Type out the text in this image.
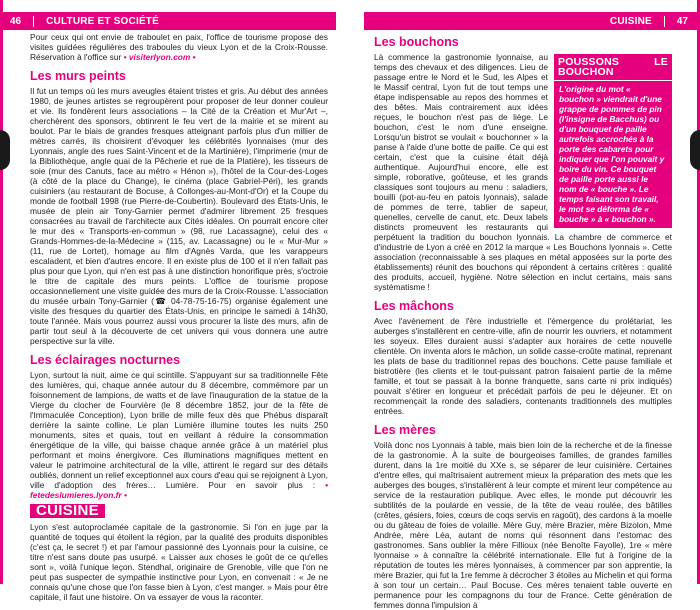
46	CULTURE ET SOCIÉTÉ

Pour ceux qui ont envie de traboulet en paix, l'office de tourisme propose des visites guidées régulières des traboules du vieux Lyon et de la Croix-Rousse. Réservation à l'office sur • visiterlyon.com •

Les murs peints

Il fut un temps où les murs aveugles étaient tristes et gris. Au début des années 1980, de jeunes artistes se regroupèrent pour proposer de leur donner couleur et vie. Ils fondèrent leurs associations – la Cité de la Création et Mur'Art –, cherchèrent des sponsors, obtinrent le feu vert de la mairie et se mirent au boulot. Par le biais de grandes fresques atteignant parfois plus d'un millier de mètres carrés, ils choisirent d'évoquer les célébrités lyonnaises (mur des Lyonnais, angle des rues Saint-Vincent et de la Martinière), l'imprimerie (mur de la Bibliothèque, angle quai de la Pêcherie et rue de la Platière), les tisseurs de soie (mur des Canuts, face au métro « Hénon »), l'hôtel de la Cour-des-Loges (à côté de la place du Change), le cinéma (place Gabriel-Péri), les grands cuisiniers (au restaurant de Bocuse, à Collonges-au-Mont-d'Or) et la Coupe du monde de football 1998 (rue Pierre-de-Coubertin). Boulevard des États-Unis, le musée de plein air Tony-Garnier permet d'admirer librement 25 fresques consacrées au travail de l'architecte aux Cités idéales. On pourrait encore citer le mur des « Transports-en-commun » (98, rue Lacassagne), celui des « Grands-Hommes-de-la-Médecine » (115, av. Lacassagne) ou le « Mur-Mur » (11, rue de Lortet), homage au film d'Agnès Varda, que les varappeurs escaladent, et bien d'autres encore. Il en existe plus de 100 et il n'en fallait pas plus pour que Lyon, qui n'en est pas à une distinction honorifique près, s'octroie le titre de capitale des murs peints. L'office de tourisme propose occasionnellement une visite guidée des murs de la Croix-Rousse. L'association du musée urbain Tony-Garnier (☎ 04-78-75-16-75) organise également une visite des fresques du quartier des États-Unis, en principe le samedi à 14h30, toute l'année. Mais vous pourrez aussi vous procurer la liste des murs, afin de partir tout seul à la découverte de cet univers qui vous donnera une autre perspective sur la ville.

Les éclairages nocturnes

Lyon, surtout la nuit, aime ce qui scintille. S'appuyant sur sa traditionnelle Fête des lumières, qui, chaque année autour du 8 décembre, commémore par un foisonnement de lampions, de watts et de lave l'inauguration de la statue de la Vierge du clocher de Fourvière (le 8 décembre 1852, jour de la fête de l'Immaculée Conception), Lyon brille de mille feux dès que Phébus disparaît derrière la sainte colline. Le plan Lumière illumine toutes les nuits 250 monuments, sites et quais, tout en veillant à réduire la consommation énergétique de la ville, qui baisse chaque année grâce à un matériel plus performant et moins énergivore. Ces illuminations magnifiques mettent en valeur le patrimoine architectural de la ville, attirent le regard sur des détails oubliés, donnent un relief exceptionnel aux cours d'eau qui se rejoignent à Lyon, ville d'adoption des frères… Lumière. Pour en savoir plus : • fetedeslumieres.lyon.fr •

CUISINE

Lyon s'est autoproclamée capitale de la gastronomie. Si l'on en juge par la quantité de toques qui étoilent la région, par la qualité des produits disponibles (c'est ça, le secret !) et par l'amour passionné des Lyonnais pour la cuisine, ce titre n'est sans doute pas usurpé. « Laisser aux choses le goût de ce qu'elles sont », voilà l'unique leçon. Stendhal, originaire de Grenoble, ville que l'on ne peut pas suspecter de sympathie instinctive pour Lyon, en convenait : « Je ne connais qu'une chose que l'on fasse bien à Lyon, c'est manger. » Mais pour être capitale, il faut une histoire. On va essayer de vous la raconter.

CUISINE	47
Les bouchons
POUSSONS LE BOUCHON
L'origine du mot « bouchon » viendrait d'une grappe de pommes de pin (l'insigne de Bacchus) ou d'un bouquet de paille autrefois accrochés à la porte des cabarets pour indiquer que l'on pouvait y boire du vin. Ce bouquet de paille porte aussi le nom de « bouche ». Le temps faisant son travail, le mot se déforma de « bouche » à « bouchon ».

Là commence la gastronomie lyonnaise, au temps des chevaux et des diligences. Lieu de passage entre le Nord et le Sud, les Alpes et le Massif central, Lyon fut de tout temps une étape indispensable au repos des hommes et des bêtes. Mais contrairement aux idées reçues, le bouchon n'est pas de liège. Le bouchon, c'est le nom d'une enseigne. Lorsqu'un bistrot se voulait « bouchonner » la panse à l'aide d'une botte de paille. Ce qui est certain, c'est que la cuisine était déjà authentique. Aujourd'hui encore, elle est simple, roborative, goûteuse, et les grands classiques sont toujours au menu : saladiers, bouilli (pot-au-feu en patois lyonnais), salade de pommes de terre, tablier de sapeur, quenelles, cervelle de canut, etc. Deux labels distincts promeuvent les restaurants qui perpétuent la tradition du bouchon lyonnais. La chambre de commerce et d'industrie de Lyon a créé en 2012 la marque « Les Bouchons lyonnais ». Cette association (reconnaissable à ses plaques en métal apposées sur la porte des établissements) réunit des bouchons qui répondent à certains critères : qualité des produits, accueil, hygiène. Notre sélection en inclut certains, mais sans systématisme !

Les mâchons

Avec l'avènement de l'ère industrielle et l'émergence du prolétariat, les auberges s'installèrent en centre-ville, afin de nourrir les ouvriers, et notamment les soyeux. Elles duraient aussi s'adapter aux horaires de cette nouvelle clientèle. On inventa alors le mâchon, un solide casse-croûte matinal, reprenant les plats de base du traditionnel repas des bouchons. Cette pause familiale et bistrotière (les clients et le tout-puissant patron faisaient partie de la même famille, et tout se passait à la bonne franquette, sans carte ni prix indiqués) pouvait s'étirer en longueur et précédait parfois de peu le déjeuner. Et on recommençait la ronde des saladiers, contenants traditionnels des multiples entrées.

Les mères

Voilà donc nos Lyonnais à table, mais bien loin de la recherche et de la finesse de la gastronomie. À la suite de bourgeoises familles, de grandes familles durent, dans la 1re moitié du XXe s, se séparer de leur cuisinière. Certaines d'entre elles, qui maîtrisaient autrement mieux la préparation des mets que les auberges des bouges, s'installèrent à leur compte et mirent leur compétence au service de la restauration publique. Avec elles, le monde put découvrir les subtilités de la poularde en vessie, de la tête de veau roulée, des bâtilles (crêtes, gésiers, foies, cœurs de coqs servis en ragoût), des cardons à la moelle ou du gâteau de foies de volaille. Mère Guy, mère Brazier, mère Bizolon, Mme Andrée, mère Léa, autant de noms qui résonnent dans l'estomac des gastronomes. Sans oublier la mère Fillioux (née Benoîte Fayolle), 1re « mère lyonnaise » à connaître la célébrité internationale. Elle fut à l'origine de la réputation de toutes les mères lyonnaises, à commencer par son apprentie, la mère Brazier, qui fut la 1re femme à décrocher 3 étoiles au Michelin et qui forma à son tour un certain… Paul Bocuse. Ces mères tenaient table ouverte en permanence pour les compagnons du tour de France. Cette génération de femmes donna l'impulsion à
